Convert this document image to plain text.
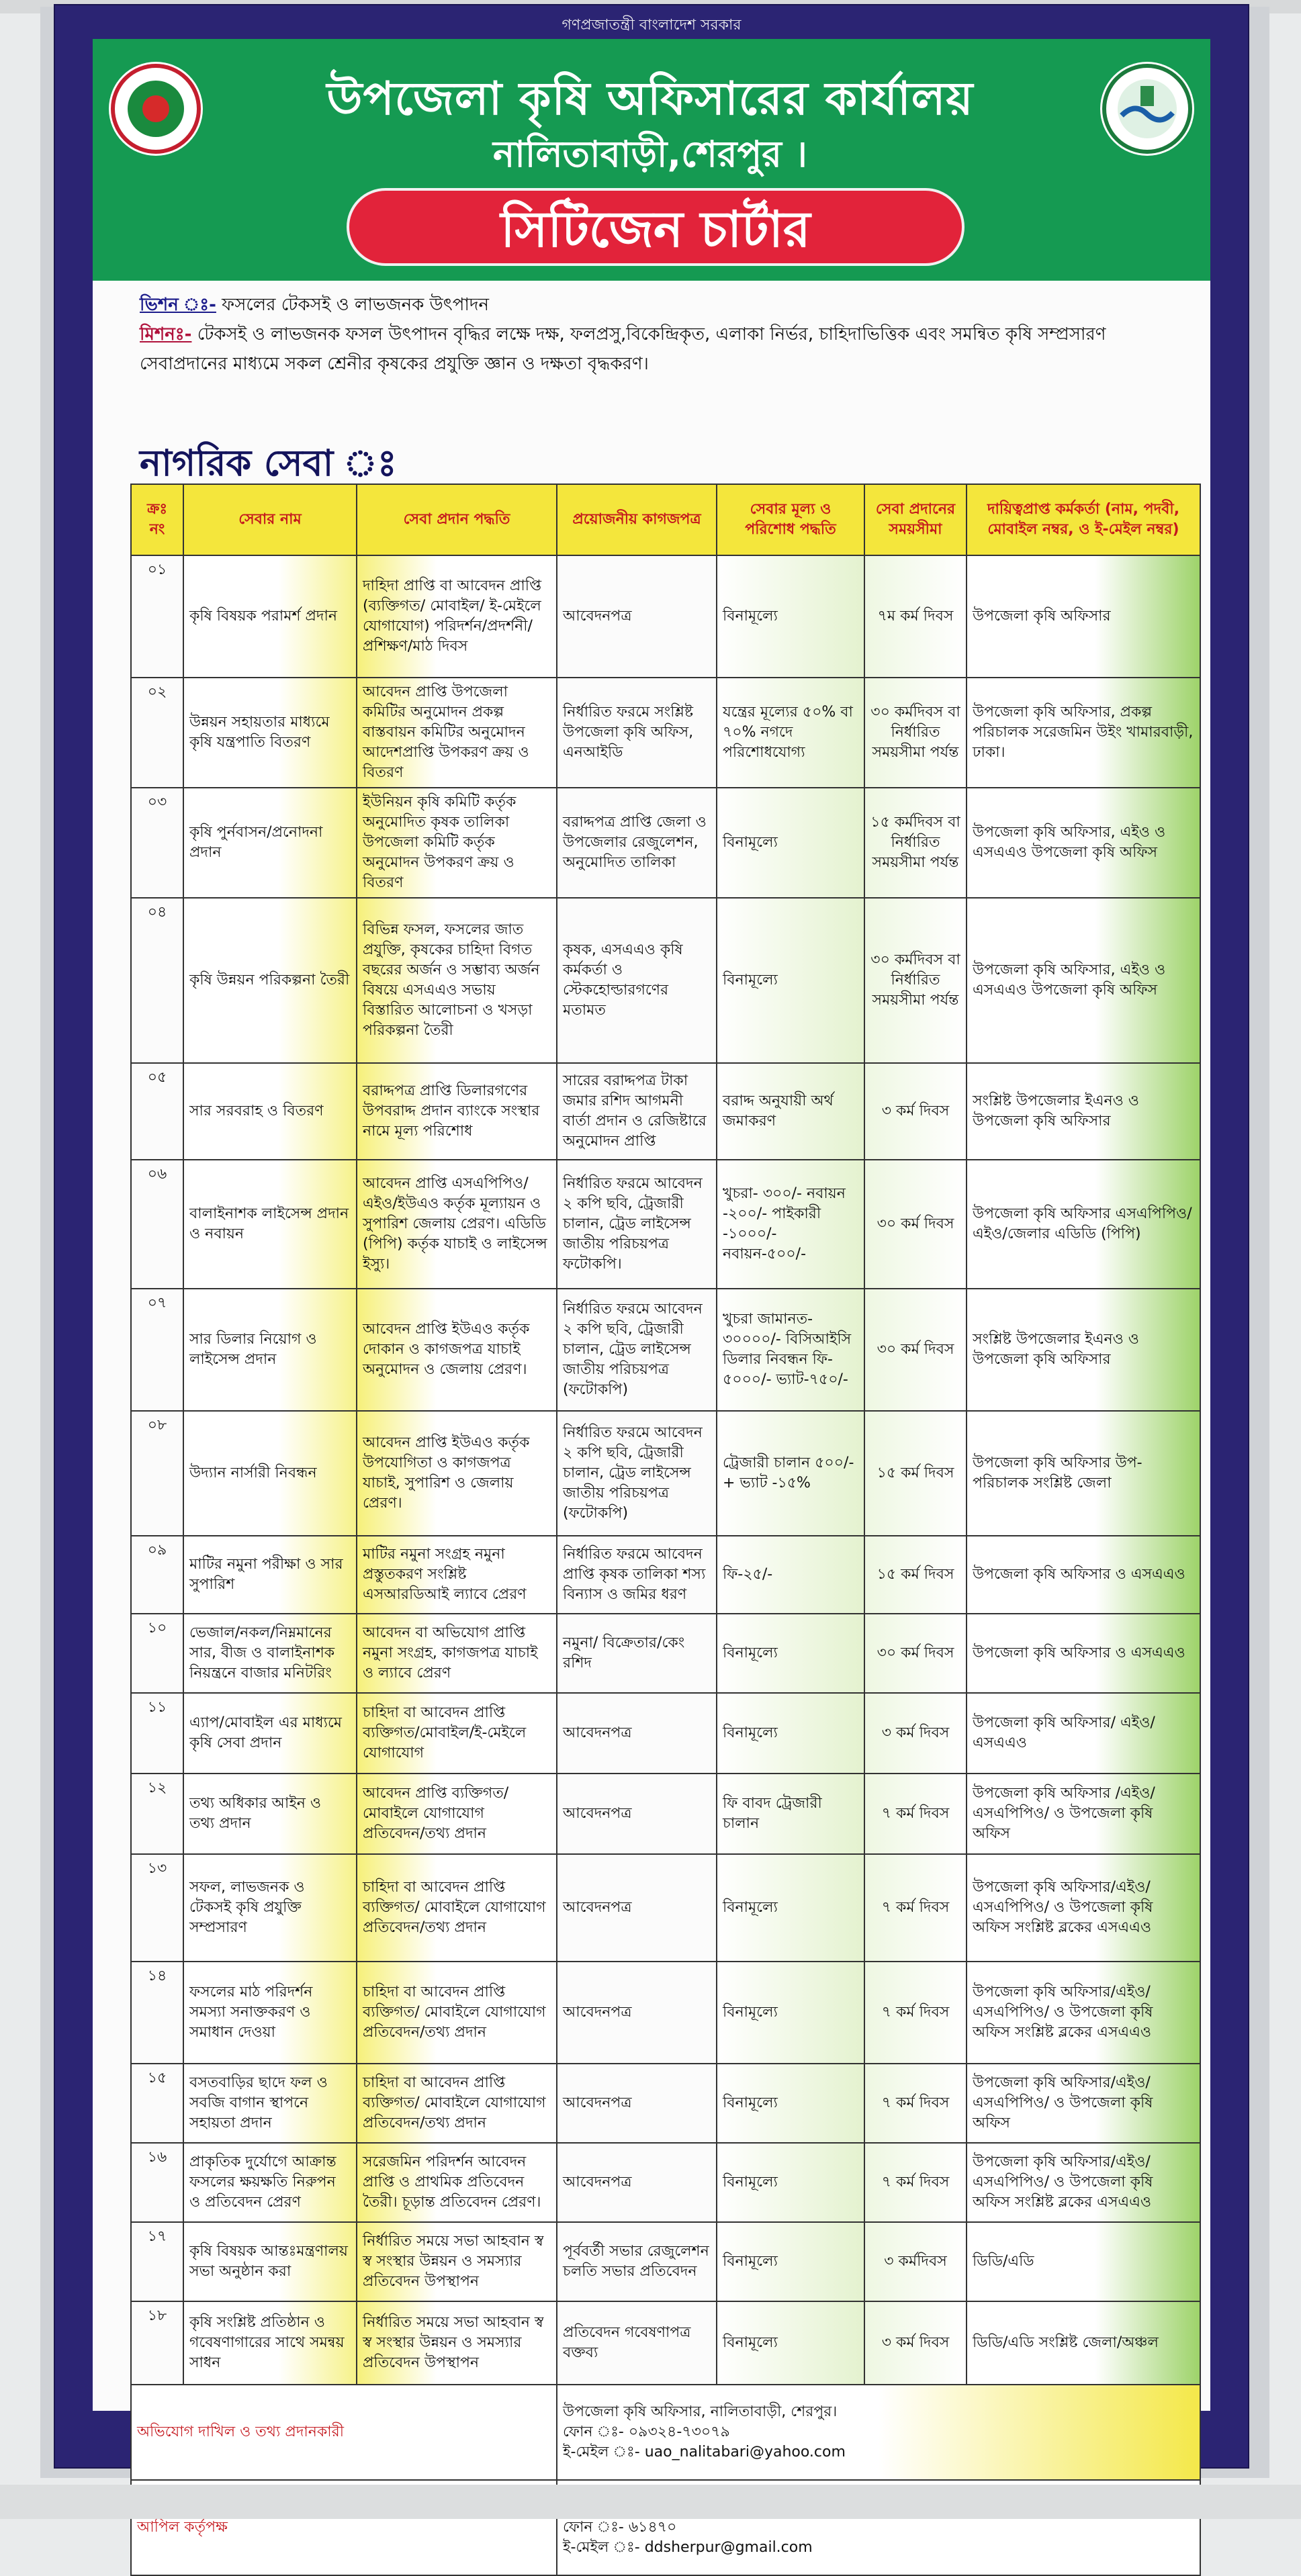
উপজেলা কৃষি অফিসারের কার্যালয়
নালিতাবাড়ী,শেরপুর ।
সিটিজেন চার্টার
ভিশন ঃ- ফসলের টেকসই ও লাভজনক উৎপাদন
মিশনঃ- টেকসই ও লাভজনক ফসল উৎপাদন বৃদ্ধির লক্ষে দক্ষ, ফলপ্রসু,বিকেন্দ্রিকৃত, এলাকা নির্ভর, চাহিদাভিত্তিক এবং সমন্বিত কৃষি সম্প্রসারণ সেবাপ্রদানের মাধ্যমে সকল শ্রেনীর কৃষকের প্রযুক্তি জ্ঞান ও দক্ষতা বৃদ্ধকরণ।
নাগরিক সেবা ঃ
ক্রঃ নং	সেবার নাম	সেবা প্রদান পদ্ধতি	প্রয়োজনীয় কাগজপত্র	সেবার মূল্য ও পরিশোধ পদ্ধতি	সেবা প্রদানের সময়সীমা	দায়িত্বপ্রাপ্ত কর্মকর্তা (নাম, পদবী, মোবাইল নম্বর, ও ই-মেইল নম্বর)
০১	কৃষি বিষয়ক পরামর্শ প্রদান	দাহিদা প্রাপ্তি বা আবেদন প্রাপ্তি (ব্যক্তিগত/ মোবাইল/ ই-মেইলে যোগাযোগ) পরিদর্শন/প্রদর্শনী/প্রশিক্ষণ/মাঠ দিবস	আবেদনপত্র	বিনামূল্যে	৭ম কর্ম দিবস	উপজেলা কৃষি অফিসার
০২	উন্নয়ন সহায়তার মাধ্যমে কৃষি যন্ত্রপাতি বিতরণ	আবেদন প্রাপ্তি উপজেলা কমিটির অনুমোদন প্রকল্প বাস্তবায়ন কমিটির অনুমোদন আদেশপ্রাপ্তি উপকরণ ক্রয় ও বিতরণ	নির্ধারিত ফরমে সংশ্লিষ্ট উপজেলা কৃষি অফিস, এনআইডি	যন্ত্রের মূল্যের ৫০% বা ৭০% নগদে পরিশোধযোগ্য	৩০ কর্মদিবস বা নির্ধারিত সময়সীমা পর্যন্ত	উপজেলা কৃষি অফিসার, প্রকল্প পরিচালক সরেজমিন উইং খামারবাড়ী, ঢাকা।
০৩	কৃষি পুর্নবাসন/প্রনোদনা প্রদান	ইউনিয়ন কৃষি কমিটি কর্তৃক অনুমোদিত কৃষক তালিকা উপজেলা কমিটি কর্তৃক অনুমোদন উপকরণ ক্রয় ও বিতরণ	বরাদ্দপত্র প্রাপ্তি জেলা ও উপজেলার রেজুলেশন, অনুমোদিত তালিকা	বিনামূল্যে	১৫ কর্মদিবস বা নির্ধারিত সময়সীমা পর্যন্ত	উপজেলা কৃষি অফিসার, এইও ও এসএএও উপজেলা কৃষি অফিস
০৪	কৃষি উন্নয়ন পরিকল্পনা তৈরী	বিভিন্ন ফসল, ফসলের জাত প্রযুক্তি, কৃষকের চাহিদা বিগত বছরের অর্জন ও সম্ভাব্য অর্জন বিষয়ে এসএএও সভায় বিস্তারিত আলোচনা ও খসড়া পরিকল্পনা তৈরী	কৃষক, এসএএও কৃষি কর্মকর্তা ও স্টেকহোল্ডারগণের মতামত	বিনামূল্যে	৩০ কর্মদিবস বা নির্ধারিত সময়সীমা পর্যন্ত	উপজেলা কৃষি অফিসার, এইও ও এসএএও উপজেলা কৃষি অফিস
০৫	সার সরবরাহ ও বিতরণ	বরাদ্দপত্র প্রাপ্তি ডিলারগণের উপবরাদ্দ প্রদান ব্যাংকে সংস্থার নামে মূল্য পরিশোধ	সারের বরাদ্দপত্র টাকা জমার রশিদ আগমনী বার্তা প্রদান ও রেজিষ্টারে অনুমোদন প্রাপ্তি	বরাদ্দ অনুযায়ী অর্থ জমাকরণ	৩ কর্ম দিবস	সংশ্লিষ্ট উপজেলার ইএনও ও উপজেলা কৃষি অফিসার
০৬	বালাইনাশক লাইসেন্স প্রদান ও নবায়ন	আবেদন প্রাপ্তি এসএপিপিও/এইও/ইউএও কর্তৃক মূল্যায়ন ও সুপারিশ জেলায় প্রেরণ। এডিডি (পিপি) কর্তৃক যাচাই ও লাইসেন্স ইস্যু।	নির্ধারিত ফরমে আবেদন ২ কপি ছবি, ট্রেজারী চালান, ট্রেড লাইসেন্স জাতীয় পরিচয়পত্র ফটোকপি।	খুচরা- ৩০০/- নবায়ন -২০০/- পাইকারী -১০০০/- নবায়ন-৫০০/-	৩০ কর্ম দিবস	উপজেলা কৃষি অফিসার এসএপিপিও/এইও/জেলার এডিডি (পিপি)
০৭	সার ডিলার নিয়োগ ও লাইসেন্স প্রদান	আবেদন প্রাপ্তি ইউএও কর্তৃক দোকান ও কাগজপত্র যাচাই অনুমোদন ও জেলায় প্রেরণ।	নির্ধারিত ফরমে আবেদন ২ কপি ছবি, ট্রেজারী চালান, ট্রেড লাইসেন্স জাতীয় পরিচয়পত্র (ফটোকপি)	খুচরা জামানত- ৩০০০০/- বিসিআইসি ডিলার নিবন্ধন ফি- ৫০০০/- ভ্যাট-৭৫০/-	৩০ কর্ম দিবস	সংশ্লিষ্ট উপজেলার ইএনও ও উপজেলা কৃষি অফিসার
০৮	উদ্যান নার্সারী নিবন্ধন	আবেদন প্রাপ্তি ইউএও কর্তৃক উপযোগিতা ও কাগজপত্র যাচাই, সুপারিশ ও জেলায় প্রেরণ।	নির্ধারিত ফরমে আবেদন ২ কপি ছবি, ট্রেজারী চালান, ট্রেড লাইসেন্স জাতীয় পরিচয়পত্র (ফটোকপি)	ট্রেজারী চালান ৫০০/- + ভ্যাট -১৫%	১৫ কর্ম দিবস	উপজেলা কৃষি অফিসার উপ-পরিচালক সংশ্লিষ্ট জেলা
০৯	মাটির নমুনা পরীক্ষা ও সার সুপারিশ	মাটির নমুনা সংগ্রহ নমুনা প্রস্তুতকরণ সংশ্লিষ্ট এসআরডিআই ল্যাবে প্রেরণ	নির্ধারিত ফরমে আবেদন প্রাপ্তি কৃষক তালিকা শস্য বিন্যাস ও জমির ধরণ	ফি-২৫/-	১৫ কর্ম দিবস	উপজেলা কৃষি অফিসার ও এসএএও
১০	ভেজাল/নকল/নিম্নমানের সার, বীজ ও বালাইনাশক নিয়ন্ত্রনে বাজার মনিটরিং	আবেদন বা অভিযোগ প্রাপ্তি নমুনা সংগ্রহ, কাগজপত্র যাচাই ও ল্যাবে প্রেরণ	নমুনা/ বিক্রেতার/কেং রশিদ	বিনামূল্যে	৩০ কর্ম দিবস	উপজেলা কৃষি অফিসার ও এসএএও
১১	এ্যাপ/মোবাইল এর মাধ্যমে কৃষি সেবা প্রদান	চাহিদা বা আবেদন প্রাপ্তি ব্যক্তিগত/মোবাইল/ই-মেইলে যোগাযোগ	আবেদনপত্র	বিনামূল্যে	৩ কর্ম দিবস	উপজেলা কৃষি অফিসার/ এইও/এসএএও
১২	তথ্য অধিকার আইন ও তথ্য প্রদান	আবেদন প্রাপ্তি ব্যক্তিগত/ মোবাইলে যোগাযোগ প্রতিবেদন/তথ্য প্রদান	আবেদনপত্র	ফি বাবদ ট্রেজারী চালান	৭ কর্ম দিবস	উপজেলা কৃষি অফিসার /এইও/ এসএপিপিও/ ও উপজেলা কৃষি অফিস
১৩	সফল, লাভজনক ও টেকসই কৃষি প্রযুক্তি সম্প্রসারণ	চাহিদা বা আবেদন প্রাপ্তি ব্যক্তিগত/ মোবাইলে যোগাযোগ প্রতিবেদন/তথ্য প্রদান	আবেদনপত্র	বিনামূল্যে	৭ কর্ম দিবস	উপজেলা কৃষি অফিসার/এইও/ এসএপিপিও/ ও উপজেলা কৃষি অফিস সংশ্লিষ্ট ব্লকের এসএএও
১৪	ফসলের মাঠ পরিদর্শন সমস্যা সনাক্তকরণ ও সমাধান দেওয়া	চাহিদা বা আবেদন প্রাপ্তি ব্যক্তিগত/ মোবাইলে যোগাযোগ প্রতিবেদন/তথ্য প্রদান	আবেদনপত্র	বিনামূল্যে	৭ কর্ম দিবস	উপজেলা কৃষি অফিসার/এইও/এসএপিপিও/ ও উপজেলা কৃষি অফিস সংশ্লিষ্ট ব্লকের এসএএও
১৫	বসতবাড়ির ছাদে ফল ও সবজি বাগান স্থাপনে সহায়তা প্রদান	চাহিদা বা আবেদন প্রাপ্তি ব্যক্তিগত/ মোবাইলে যোগাযোগ প্রতিবেদন/তথ্য প্রদান	আবেদনপত্র	বিনামূল্যে	৭ কর্ম দিবস	উপজেলা কৃষি অফিসার/এইও/ এসএপিপিও/ ও উপজেলা কৃষি অফিস
১৬	প্রাকৃতিক দুর্যোগে আক্রান্ত ফসলের ক্ষয়ক্ষতি নিরুপন ও প্রতিবেদন প্রেরণ	সরেজমিন পরিদর্শন আবেদন প্রাপ্তি ও প্রাথমিক প্রতিবেদন তৈরী। চূড়ান্ত প্রতিবেদন প্রেরণ।	আবেদনপত্র	বিনামূল্যে	৭ কর্ম দিবস	উপজেলা কৃষি অফিসার/এইও/ এসএপিপিও/ ও উপজেলা কৃষি অফিস সংশ্লিষ্ট ব্লকের এসএএও
১৭	কৃষি বিষয়ক আন্তঃমন্ত্রণালয় সভা অনুষ্ঠান করা	নির্ধারিত সময়ে সভা আহবান স্ব স্ব সংস্থার উন্নয়ন ও সমস্যার প্রতিবেদন উপস্থাপন	পূর্ববর্তী সভার রেজুলেশন চলতি সভার প্রতিবেদন	বিনামূল্যে	৩ কর্মদিবস	ডিডি/এডি
১৮	কৃষি সংশ্লিষ্ট প্রতিষ্ঠান ও গবেষণাগারের সাথে সমন্বয় সাধন	নির্ধারিত সময়ে সভা আহবান স্ব স্ব সংস্থার উন্নয়ন ও সমস্যার প্রতিবেদন উপস্থাপন	প্রতিবেদন গবেষণাপত্র বক্তব্য	বিনামূল্যে	৩ কর্ম দিবস	ডিডি/এডি সংশ্লিষ্ট জেলা/অঞ্চল
অভিযোগ দাখিল ও তথ্য প্রদানকারী			উপজেলা কৃষি অফিসার, নালিতাবাড়ী, শেরপুর।
ফোন ঃ- ০৯৩২৪-৭৩০৭৯
ই-মেইল ঃ- uao_nalitabari@yahoo.com			

আপিল কর্তৃপক্ষ			ফোন ঃ- ৬১৪৭০
ই-মেইল ঃ- ddsherpur@gmail.com			
গণপ্রজাতন্ত্রী বাংলাদেশ সরকার
